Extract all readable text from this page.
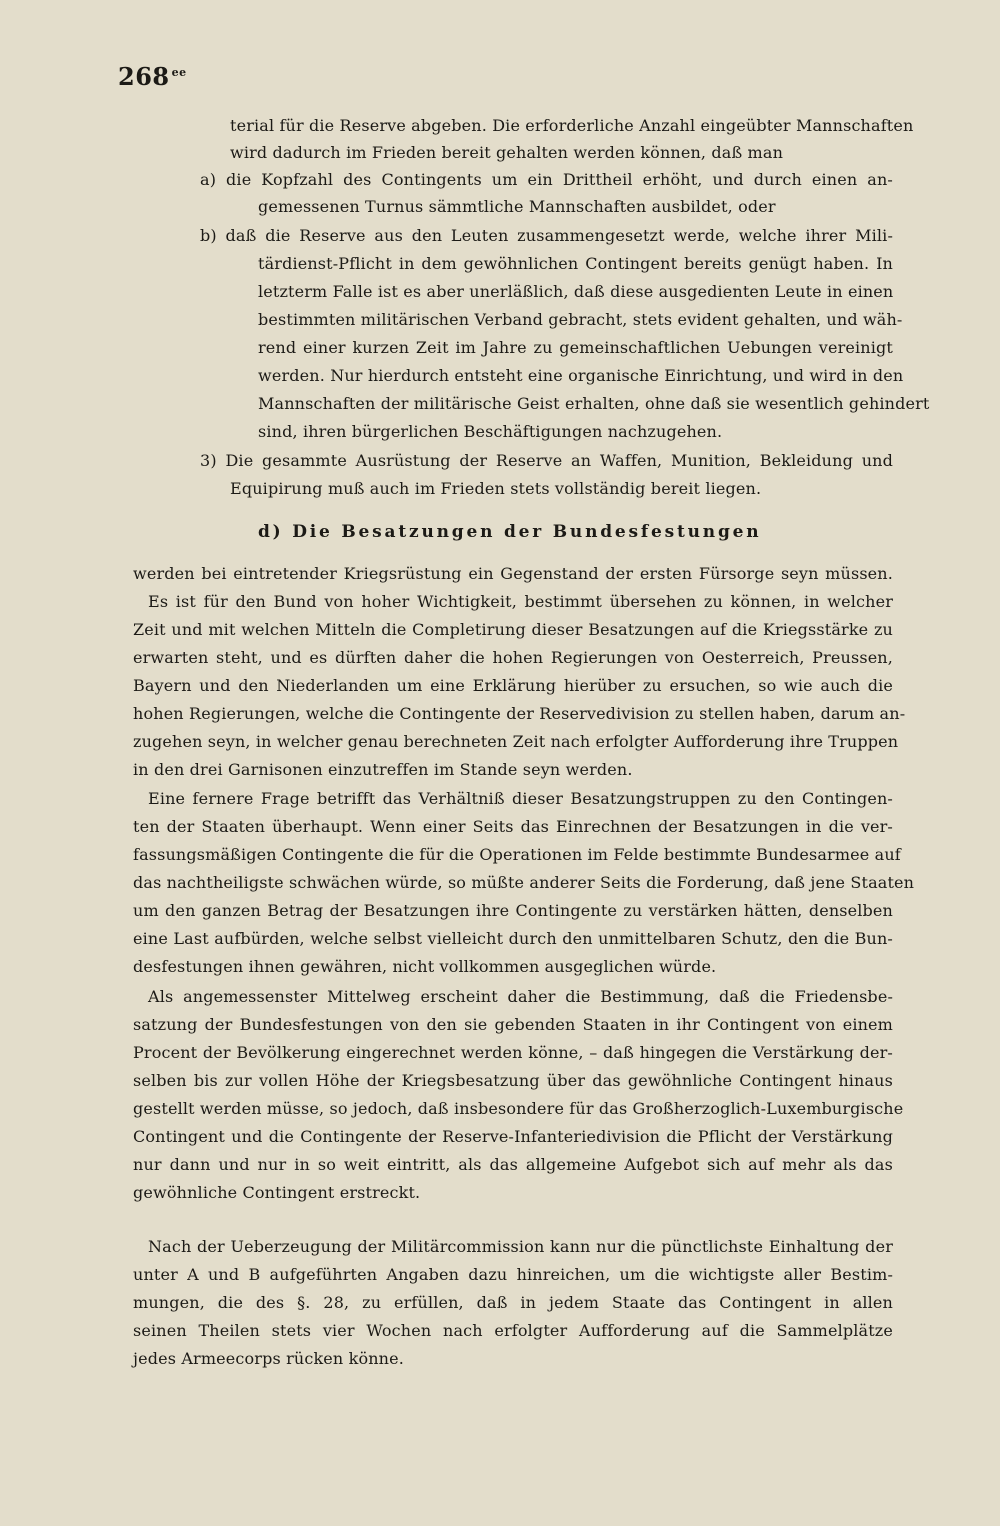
268 $^{ee}$
terial für die Reserve abgeben. Die erforderliche Anzahl eingeübter Mannschaften
wird dadurch im Frieden bereit gehalten werden können, daß man
a) die Kopfzahl des Contingents um ein Drittheil erhöht, und durch einen an-
gemessenen Turnus sämmtliche Mannschaften ausbildet, oder
b) daß die Reserve aus den Leuten zusammengesetzt werde, welche ihrer Mili-
tärdienst-Pflicht in dem gewöhnlichen Contingent bereits genügt haben. In
letzterm Falle ist es aber unerläßlich, daß diese ausgedienten Leute in einen
bestimmten militärischen Verband gebracht, stets evident gehalten, und wäh-
rend einer kurzen Zeit im Jahre zu gemeinschaftlichen Uebungen vereinigt
werden. Nur hierdurch entsteht eine organische Einrichtung, und wird in den
Mannschaften der militärische Geist erhalten, ohne daß sie wesentlich gehindert
sind, ihren bürgerlichen Beschäftigungen nachzugehen.
3) Die gesammte Ausrüstung der Reserve an Waffen, Munition, Bekleidung und
Equipirung muß auch im Frieden stets vollständig bereit liegen.
d) Die Besatzungen der Bundesfestungen
werden bei eintretender Kriegsrüstung ein Gegenstand der ersten Fürsorge seyn müssen.
Es ist für den Bund von hoher Wichtigkeit, bestimmt übersehen zu können, in welcher
Zeit und mit welchen Mitteln die Completirung dieser Besatzungen auf die Kriegsstärke zu
erwarten steht, und es dürften daher die hohen Regierungen von Oesterreich, Preussen,
Bayern und den Niederlanden um eine Erklärung hierüber zu ersuchen, so wie auch die
hohen Regierungen, welche die Contingente der Reservedivision zu stellen haben, darum an-
zugehen seyn, in welcher genau berechneten Zeit nach erfolgter Aufforderung ihre Truppen
in den drei Garnisonen einzutreffen im Stande seyn werden.
Eine fernere Frage betrifft das Verhältniß dieser Besatzungstruppen zu den Contingen-
ten der Staaten überhaupt. Wenn einer Seits das Einrechnen der Besatzungen in die ver-
fassungsmäßigen Contingente die für die Operationen im Felde bestimmte Bundesarmee auf
das nachtheiligste schwächen würde, so müßte anderer Seits die Forderung, daß jene Staaten
um den ganzen Betrag der Besatzungen ihre Contingente zu verstärken hätten, denselben
eine Last aufbürden, welche selbst vielleicht durch den unmittelbaren Schutz, den die Bun-
desfestungen ihnen gewähren, nicht vollkommen ausgeglichen würde.
Als angemessenster Mittelweg erscheint daher die Bestimmung, daß die Friedensbe-
satzung der Bundesfestungen von den sie gebenden Staaten in ihr Contingent von einem
Procent der Bevölkerung eingerechnet werden könne, – daß hingegen die Verstärkung der-
selben bis zur vollen Höhe der Kriegsbesatzung über das gewöhnliche Contingent hinaus
gestellt werden müsse, so jedoch, daß insbesondere für das Großherzoglich-Luxemburgische
Contingent und die Contingente der Reserve-Infanteriedivision die Pflicht der Verstärkung
nur dann und nur in so weit eintritt, als das allgemeine Aufgebot sich auf mehr als das
gewöhnliche Contingent erstreckt.
Nach der Ueberzeugung der Militärcommission kann nur die pünctlichste Einhaltung der
unter A und B aufgeführten Angaben dazu hinreichen, um die wichtigste aller Bestim-
mungen, die des §. 28, zu erfüllen, daß in jedem Staate das Contingent in allen
seinen Theilen stets vier Wochen nach erfolgter Aufforderung auf die Sammelplätze
jedes Armeecorps rücken könne.
